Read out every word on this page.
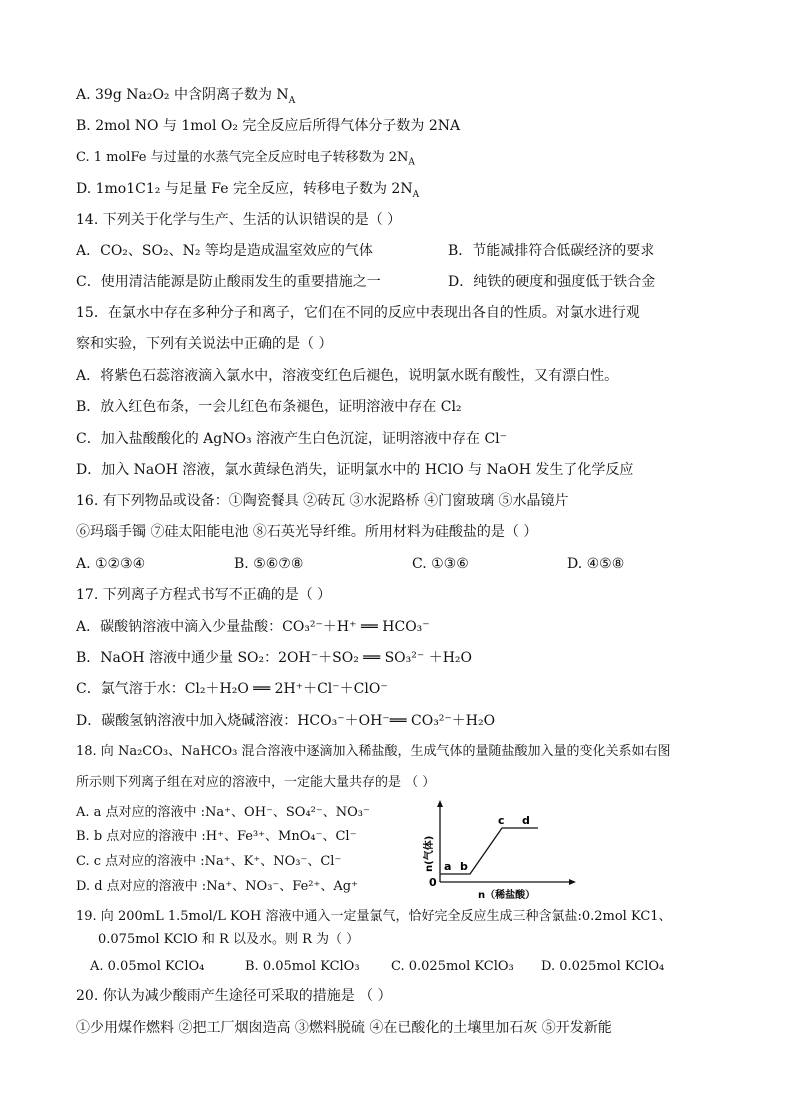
A. 39g Na₂O₂ 中含阴离子数为 $N_A$
B. 2mol NO 与 1mol O₂ 完全反应后所得气体分子数为 2NA
C. 1 molFe 与过量的水蒸气完全反应时电子转移数为 $2N_A$
D. 1mo1C1₂ 与足量 Fe 完全反应，转移电子数为 $2N_A$
14. 下列关于化学与生产、生活的认识错误的是（ ）
A．CO₂、SO₂、N₂ 等均是造成温室效应的气体	B．节能减排符合低碳经济的要求
C．使用清洁能源是防止酸雨发生的重要措施之一	D．纯铁的硬度和强度低于铁合金
15．在氯水中存在多种分子和离子，它们在不同的反应中表现出各自的性质。对氯水进行观
察和实验，下列有关说法中正确的是（ ）
A．将紫色石蕊溶液滴入氯水中，溶液变红色后褪色，说明氯水既有酸性，又有漂白性。
B．放入红色布条，一会儿红色布条褪色，证明溶液中存在 Cl₂
C．加入盐酸酸化的 AgNO₃ 溶液产生白色沉淀，证明溶液中存在 Cl⁻
D．加入 NaOH 溶液，氯水黄绿色消失，证明氯水中的 HClO 与 NaOH 发生了化学反应
16. 有下列物品或设备：①陶瓷餐具 ②砖瓦 ③水泥路桥 ④门窗玻璃 ⑤水晶镜片
⑥玛瑙手镯 ⑦硅太阳能电池 ⑧石英光导纤维。所用材料为硅酸盐的是（ ）
A. ①②③④	B. ⑤⑥⑦⑧	C. ①③⑥	D. ④⑤⑧
17. 下列离子方程式书写不正确的是（ ）
A．碳酸钠溶液中滴入少量盐酸：CO₃²⁻＋H⁺ ══ HCO₃⁻
B．NaOH 溶液中通少量 SO₂：2OH⁻＋SO₂ ══ SO₃²⁻ ＋H₂O
C．氯气溶于水：Cl₂＋H₂O ══ 2H⁺＋Cl⁻＋ClO⁻
D．碳酸氢钠溶液中加入烧碱溶液：HCO₃⁻＋OH⁻══ CO₃²⁻＋H₂O
18. 向 Na₂CO₃、NaHCO₃ 混合溶液中逐滴加入稀盐酸，生成气体的量随盐酸加入量的变化关系如右图
所示则下列离子组在对应的溶液中，一定能大量共存的是 （ ）
A. a 点对应的溶液中 :Na⁺、OH⁻、SO₄²⁻、NO₃⁻
B. b 点对应的溶液中 :H⁺、Fe³⁺、MnO₄⁻、Cl⁻
C. c 点对应的溶液中 :Na⁺、K⁺、NO₃⁻、Cl⁻
D. d 点对应的溶液中 :Na⁺、NO₃⁻、Fe²⁺、Ag⁺
n(气体)
n（稀盐酸）
0
a b
c d
19. 向 200mL 1.5mol/L KOH 溶液中通入一定量氯气，恰好完全反应生成三种含氯盐:0.2mol KC1、
0.075mol KClO 和 R 以及水。则 R 为（ ）
A. 0.05mol KClO₄	B. 0.05mol KClO₃ C. 0.025mol KClO₃ D. 0.025mol KClO₄
20. 你认为减少酸雨产生途径可采取的措施是 （ ）
①少用煤作燃料 ②把工厂烟囱造高 ③燃料脱硫 ④在已酸化的土壤里加石灰 ⑤开发新能
